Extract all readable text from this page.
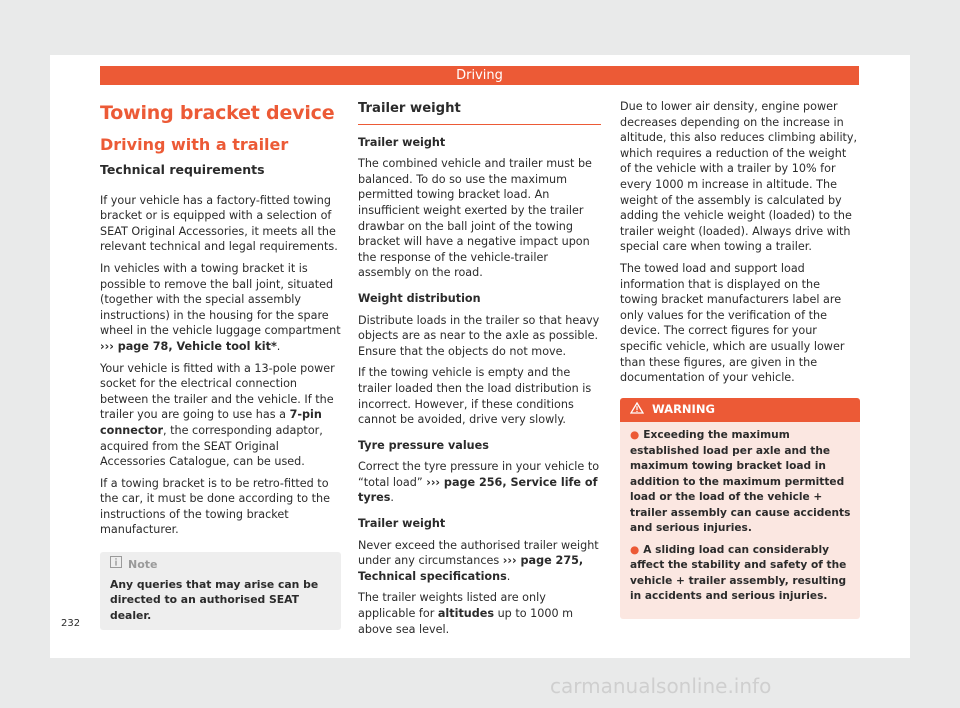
Driving
Towing bracket device
Driving with a trailer
Technical requirements

If your vehicle has a factory-fitted towing bracket or is equipped with a selection of SEAT Original Accessories, it meets all the relevant technical and legal requirements.

In vehicles with a towing bracket it is possible to remove the ball joint, situated (together with the special assembly instructions) in the housing for the spare wheel in the vehicle luggage compartment ››› page 78, Vehicle tool kit*.

Your vehicle is fitted with a 13-pole power socket for the electrical connection between the trailer and the vehicle. If the trailer you are going to use has a 7-pin connector, the corresponding adaptor, acquired from the SEAT Original Accessories Catalogue, can be used.

If a towing bracket is to be retro-fitted to the car, it must be done according to the instructions of the towing bracket manufacturer.

Note
Any queries that may arise can be directed to an authorised SEAT dealer.
Trailer weight

Trailer weight

The combined vehicle and trailer must be balanced. To do so use the maximum permitted towing bracket load. An insufficient weight exerted by the trailer drawbar on the ball joint of the towing bracket will have a negative impact upon the response of the vehicle-trailer assembly on the road.

Weight distribution

Distribute loads in the trailer so that heavy objects are as near to the axle as possible. Ensure that the objects do not move.

If the towing vehicle is empty and the trailer loaded then the load distribution is incorrect. However, if these conditions cannot be avoided, drive very slowly.

Tyre pressure values

Correct the tyre pressure in your vehicle to “total load” ››› page 256, Service life of tyres.

Trailer weight

Never exceed the authorised trailer weight under any circumstances ››› page 275, Technical specifications.

The trailer weights listed are only applicable for altitudes up to 1000 m above sea level.

Due to lower air density, engine power decreases depending on the increase in altitude, this also reduces climbing ability, which requires a reduction of the weight of the vehicle with a trailer by 10% for every 1000 m increase in altitude. The weight of the assembly is calculated by adding the vehicle weight (loaded) to the trailer weight (loaded). Always drive with special care when towing a trailer.

The towed load and support load information that is displayed on the towing bracket manufacturers label are only values for the verification of the device. The correct figures for your specific vehicle, which are usually lower than these figures, are given in the documentation of your vehicle.

WARNING
● Exceeding the maximum established load per axle and the maximum towing bracket load in addition to the maximum permitted load or the load of the vehicle + trailer assembly can cause accidents and serious injuries.
● A sliding load can considerably affect the stability and safety of the vehicle + trailer assembly, resulting in accidents and serious injuries.
232
carmanualsonline.info
